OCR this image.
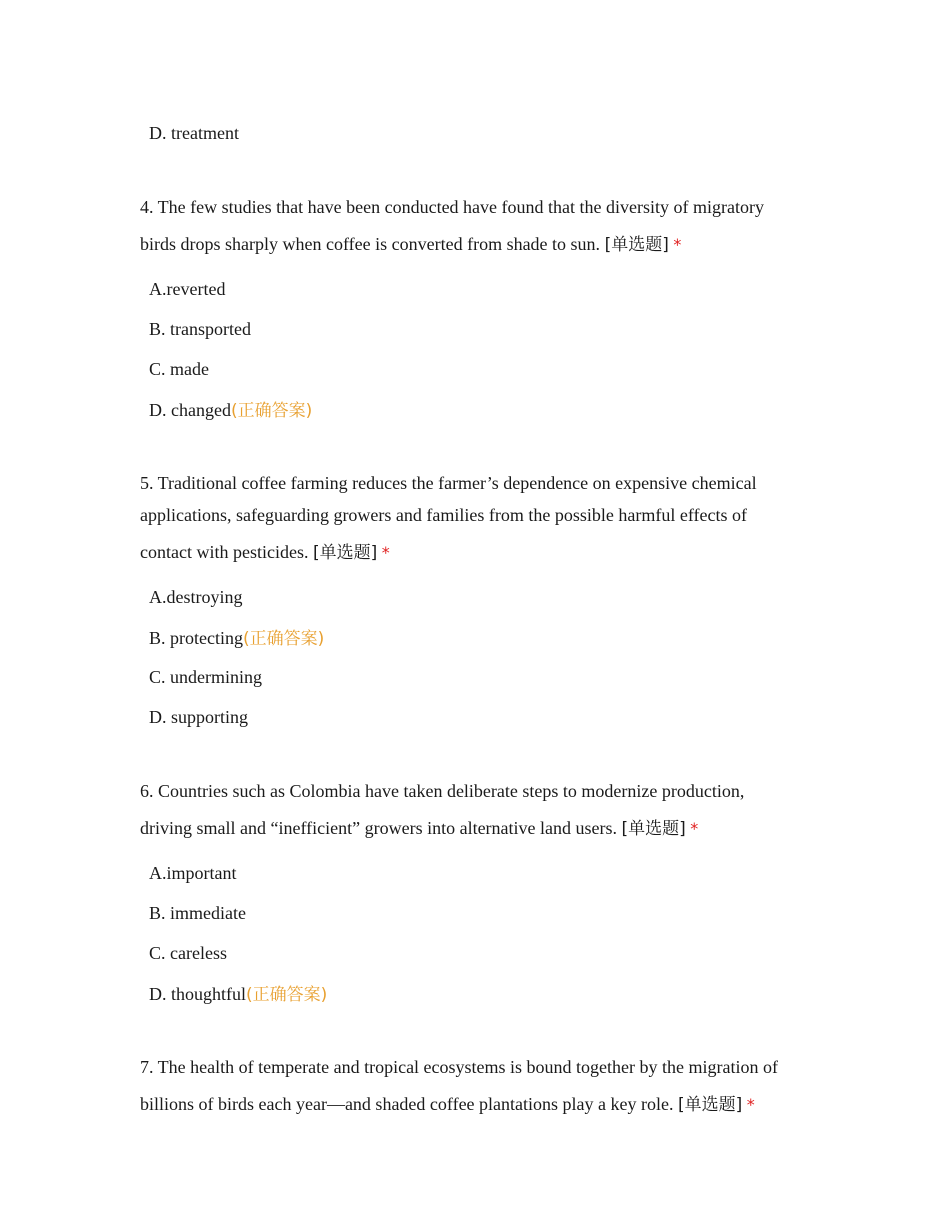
D. treatment
4. The few studies that have been conducted have found that the diversity of migratory
birds drops sharply when coffee is converted from shade to sun. [单选题] *
A.reverted
B. transported
C. made
D. changed(正确答案)
5. Traditional coffee farming reduces the farmer’s dependence on expensive chemical
applications, safeguarding growers and families from the possible harmful effects of
contact with pesticides. [单选题] *
A.destroying
B. protecting(正确答案)
C. undermining
D. supporting
6. Countries such as Colombia have taken deliberate steps to modernize production,
driving small and “inefficient” growers into alternative land users. [单选题] *
A.important
B. immediate
C. careless
D. thoughtful(正确答案)
7. The health of temperate and tropical ecosystems is bound together by the migration of
billions of birds each year—and shaded coffee plantations play a key role. [单选题] *
